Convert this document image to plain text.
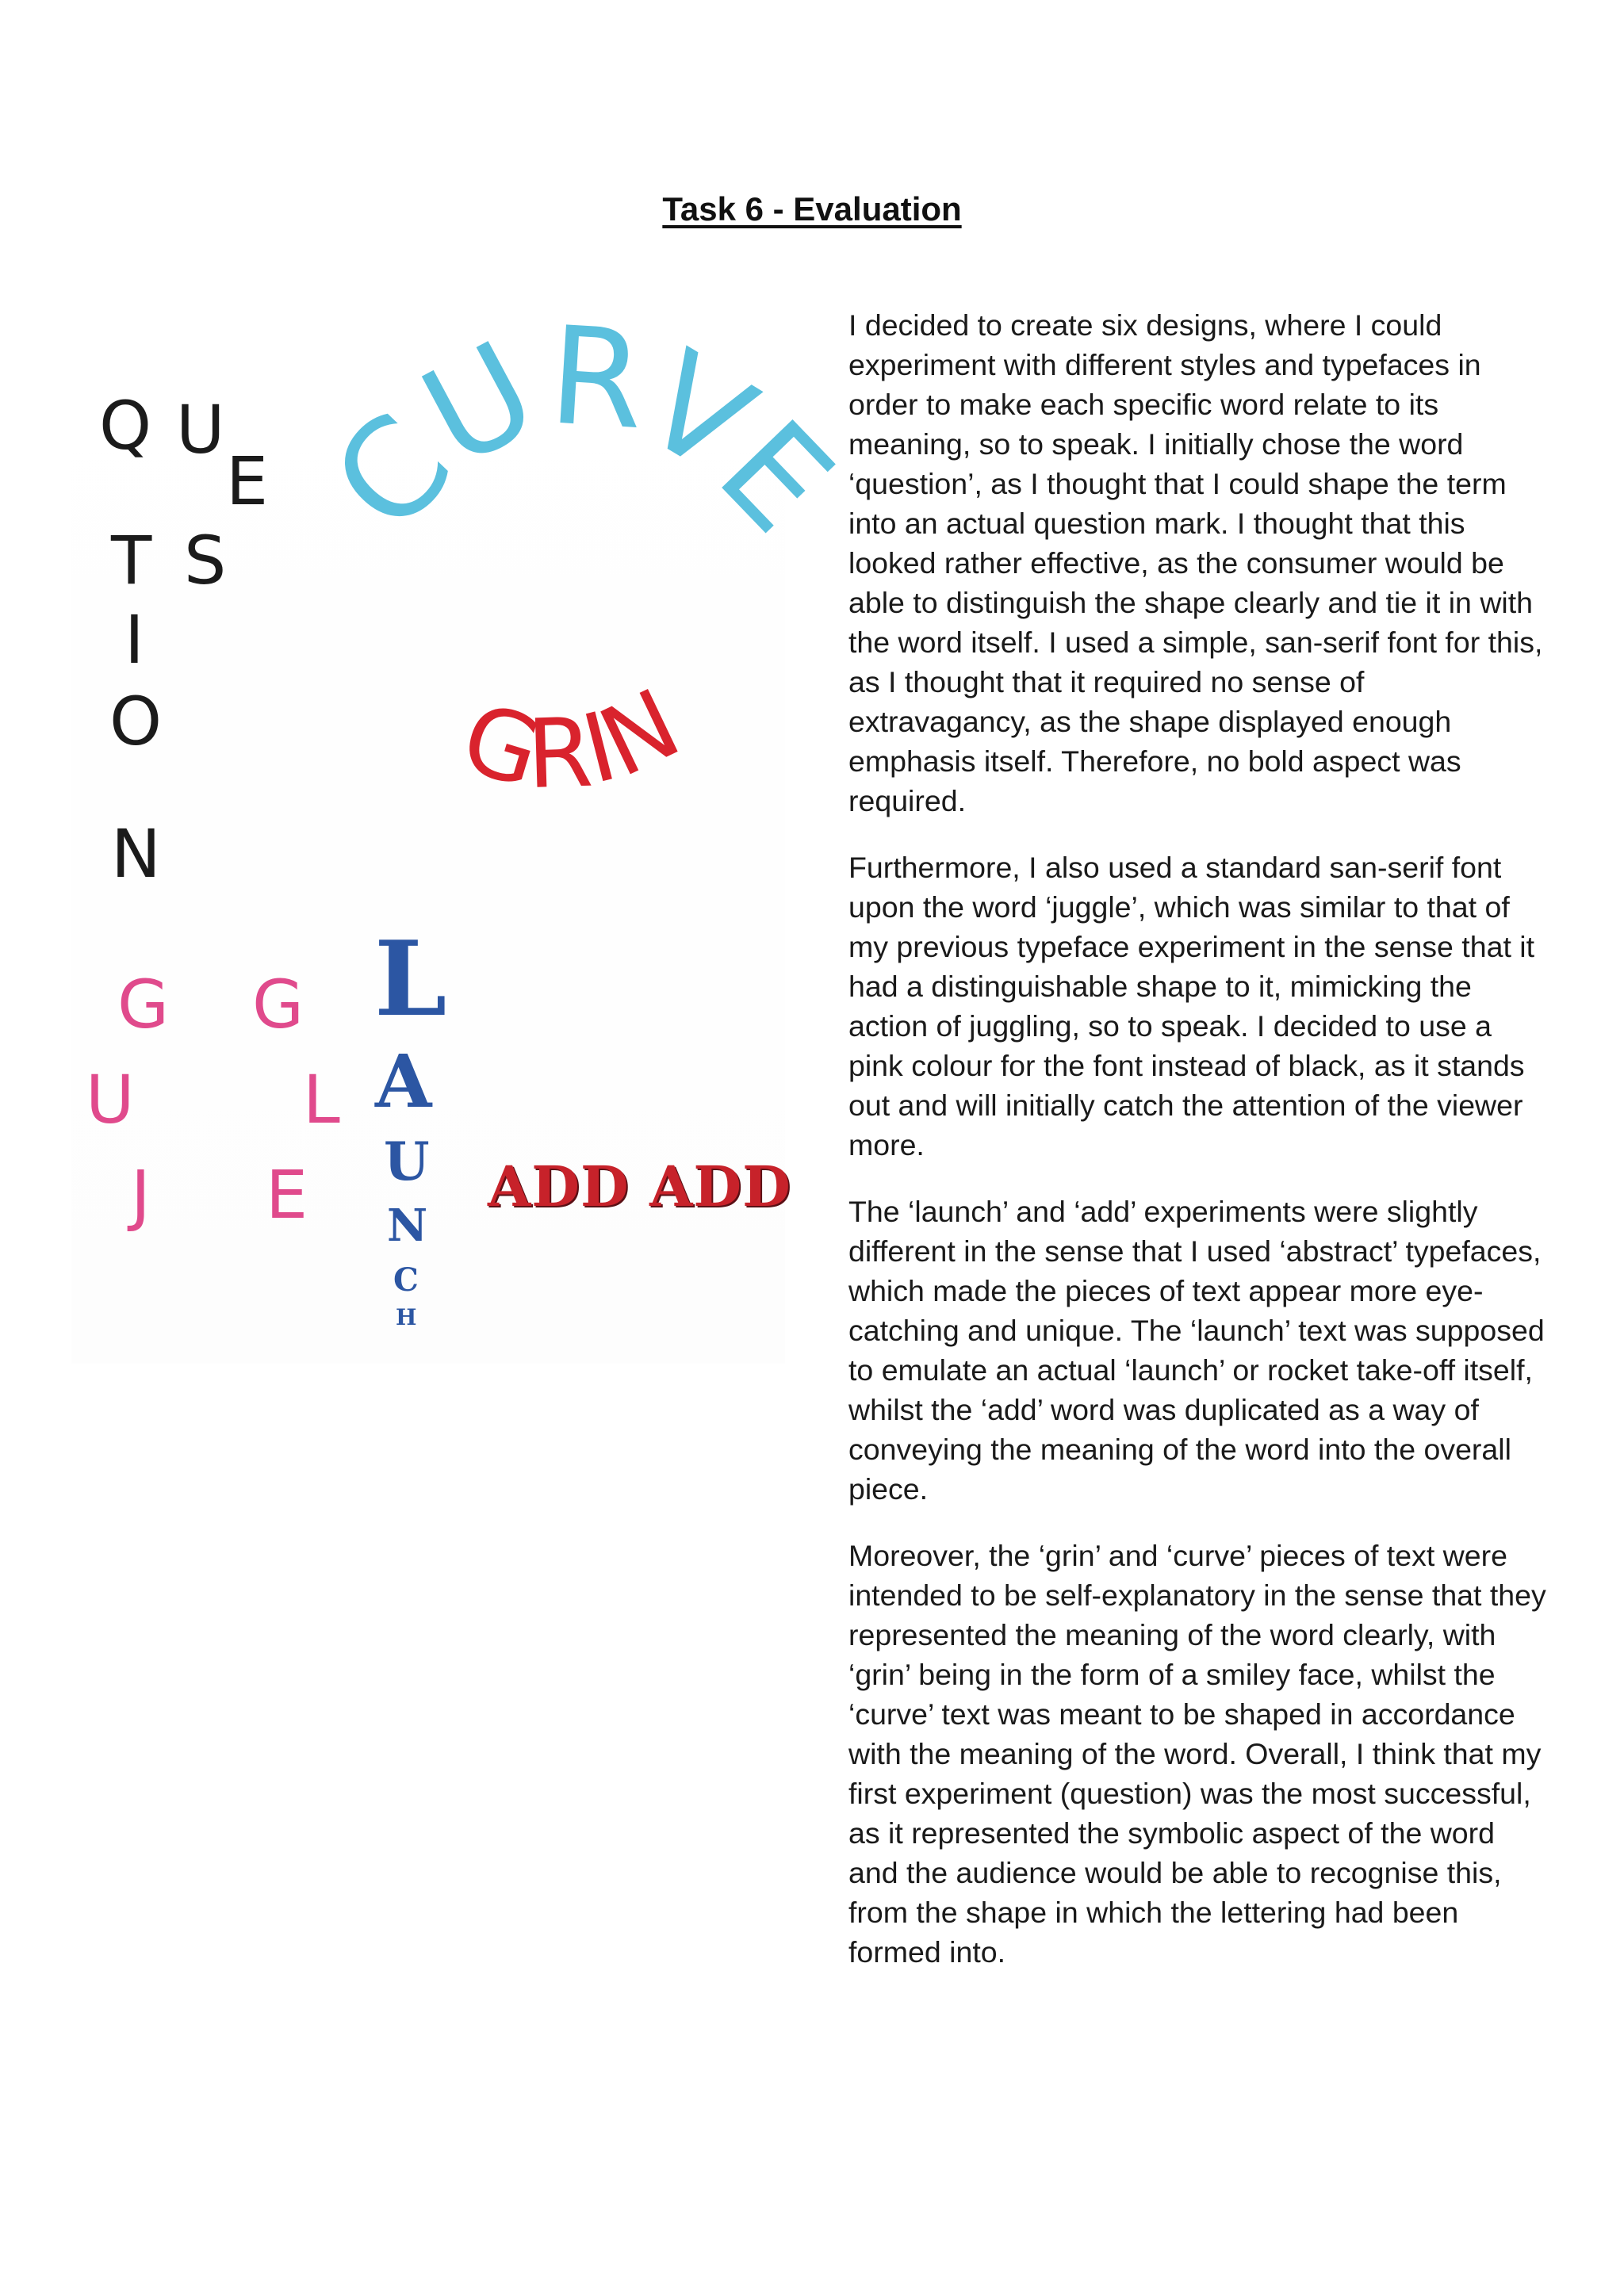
Task 6 - Evaluation
Q U
E
S
T
I
O
N
CURVE
GRIN
G G
U	L
J E
L
A
U
N
C
H
ADD ADD

I decided to create six designs, where I could experiment with different styles and typefaces in order to make each specific word relate to its meaning, so to speak. I initially chose the word ‘question’, as I thought that I could shape the term into an actual question mark. I thought that this looked rather effective, as the consumer would be able to distinguish the shape clearly and tie it in with the word itself. I used a simple, san-serif font for this, as I thought that it required no sense of extravagancy, as the shape displayed enough emphasis itself. Therefore, no bold aspect was required.

Furthermore, I also used a standard san-serif font upon the word ‘juggle’, which was similar to that of my previous typeface experiment in the sense that it had a distinguishable shape to it, mimicking the action of juggling, so to speak. I decided to use a pink colour for the font instead of black, as it stands out and will initially catch the attention of the viewer more.

The ‘launch’ and ‘add’ experiments were slightly different in the sense that I used ‘abstract’ typefaces, which made the pieces of text appear more eye-catching and unique. The ‘launch’ text was supposed to emulate an actual ‘launch’ or rocket take-off itself, whilst the ‘add’ word was duplicated as a way of conveying the meaning of the word into the overall piece.

Moreover, the ‘grin’ and ‘curve’ pieces of text were intended to be self-explanatory in the sense that they represented the meaning of the word clearly, with ‘grin’ being in the form of a smiley face, whilst the ‘curve’ text was meant to be shaped in accordance with the meaning of the word. Overall, I think that my first experiment (question) was the most successful, as it represented the symbolic aspect of the word and the audience would be able to recognise this, from the shape in which the lettering had been formed into.
